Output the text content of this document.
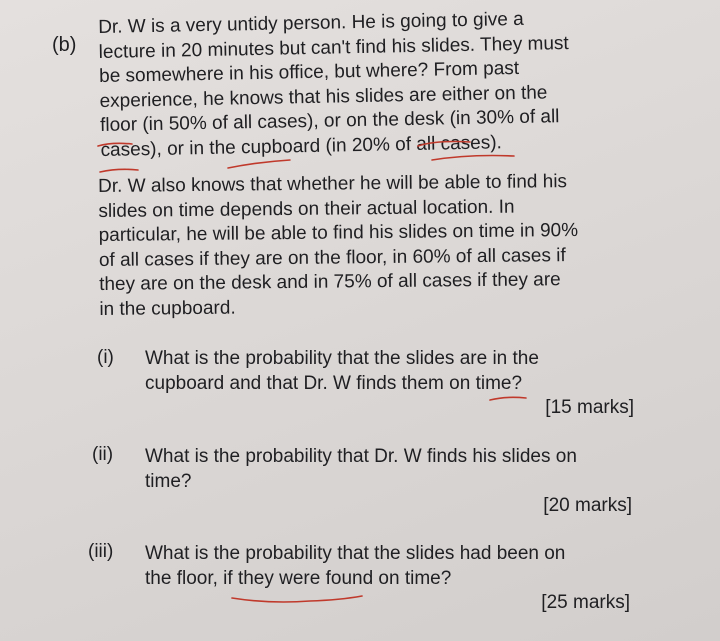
(b)
Dr. W is a very untidy person. He is going to give a
lecture in 20 minutes but can't find his slides. They must
be somewhere in his office, but where? From past
experience, he knows that his slides are either on the
floor (in 50% of all cases), or on the desk (in 30% of all
cases), or in the cupboard (in 20% of all cases).
Dr. W also knows that whether he will be able to find his
slides on time depends on their actual location. In
particular, he will be able to find his slides on time in 90%
of all cases if they are on the floor, in 60% of all cases if
they are on the desk and in 75% of all cases if they are
in the cupboard.
(i) What is the probability that the slides are in the
cupboard and that Dr. W finds them on time?
[15 marks]
(ii) What is the probability that Dr. W finds his slides on
time?
[20 marks]
(iii) What is the probability that the slides had been on
the floor, if they were found on time?
[25 marks]
